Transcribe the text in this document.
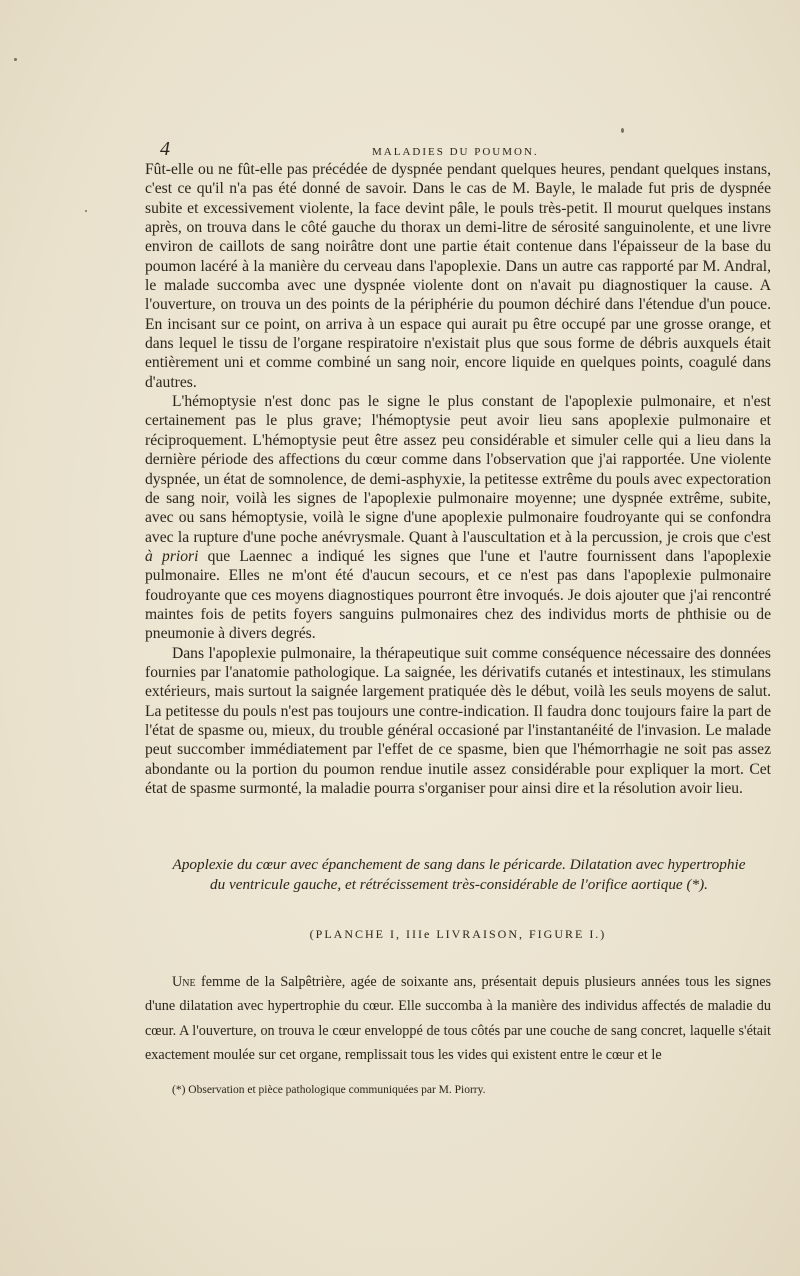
4	MALADIES DU POUMON.

Fût-elle ou ne fût-elle pas précédée de dyspnée pendant quelques heures, pendant quelques instans, c'est ce qu'il n'a pas été donné de savoir. Dans le cas de M. Bayle, le malade fut pris de dyspnée subite et excessivement violente, la face devint pâle, le pouls très-petit. Il mourut quelques instans après, on trouva dans le côté gauche du thorax un demi-litre de sérosité sanguinolente, et une livre environ de caillots de sang noirâtre dont une partie était contenue dans l'épaisseur de la base du poumon lacéré à la manière du cerveau dans l'apoplexie. Dans un autre cas rapporté par M. Andral, le malade succomba avec une dyspnée violente dont on n'avait pu diagnostiquer la cause. A l'ouverture, on trouva un des points de la périphérie du poumon déchiré dans l'étendue d'un pouce. En incisant sur ce point, on arriva à un espace qui aurait pu être occupé par une grosse orange, et dans lequel le tissu de l'organe respiratoire n'existait plus que sous forme de débris auxquels était entièrement uni et comme combiné un sang noir, encore liquide en quelques points, coagulé dans d'autres.

L'hémoptysie n'est donc pas le signe le plus constant de l'apoplexie pulmonaire, et n'est certainement pas le plus grave; l'hémoptysie peut avoir lieu sans apoplexie pulmonaire et réciproquement. L'hémoptysie peut être assez peu considérable et simuler celle qui a lieu dans la dernière période des affections du cœur comme dans l'observation que j'ai rapportée. Une violente dyspnée, un état de somnolence, de demi-asphyxie, la petitesse extrême du pouls avec expectoration de sang noir, voilà les signes de l'apoplexie pulmonaire moyenne; une dyspnée extrême, subite, avec ou sans hémoptysie, voilà le signe d'une apoplexie pulmonaire foudroyante qui se confondra avec la rupture d'une poche anévrysmale. Quant à l'auscultation et à la percussion, je crois que c'est à priori que Laennec a indiqué les signes que l'une et l'autre fournissent dans l'apoplexie pulmonaire. Elles ne m'ont été d'aucun secours, et ce n'est pas dans l'apoplexie pulmonaire foudroyante que ces moyens diagnostiques pourront être invoqués. Je dois ajouter que j'ai rencontré maintes fois de petits foyers sanguins pulmonaires chez des individus morts de phthisie ou de pneumonie à divers degrés.

Dans l'apoplexie pulmonaire, la thérapeutique suit comme conséquence nécessaire des données fournies par l'anatomie pathologique. La saignée, les dérivatifs cutanés et intestinaux, les stimulans extérieurs, mais surtout la saignée largement pratiquée dès le début, voilà les seuls moyens de salut. La petitesse du pouls n'est pas toujours une contre-indication. Il faudra donc toujours faire la part de l'état de spasme ou, mieux, du trouble général occasioné par l'instantanéité de l'invasion. Le malade peut succomber immédiatement par l'effet de ce spasme, bien que l'hémorrhagie ne soit pas assez abondante ou la portion du poumon rendue inutile assez considérable pour expliquer la mort. Cet état de spasme surmonté, la maladie pourra s'organiser pour ainsi dire et la résolution avoir lieu.

Apoplexie du cœur avec épanchement de sang dans le péricarde. Dilatation avec hypertrophie
du ventricule gauche, et rétrécissement très-considérable de l'orifice aortique (*).
(PLANCHE I, IIIe LIVRAISON, FIGURE I.)

Une femme de la Salpêtrière, agée de soixante ans, présentait depuis plusieurs années tous les signes d'une dilatation avec hypertrophie du cœur. Elle succomba à la manière des individus affectés de maladie du cœur. A l'ouverture, on trouva le cœur enveloppé de tous côtés par une couche de sang concret, laquelle s'était exactement moulée sur cet organe, remplissait tous les vides qui existent entre le cœur et le

(*) Observation et pièce pathologique communiquées par M. Piorry.
